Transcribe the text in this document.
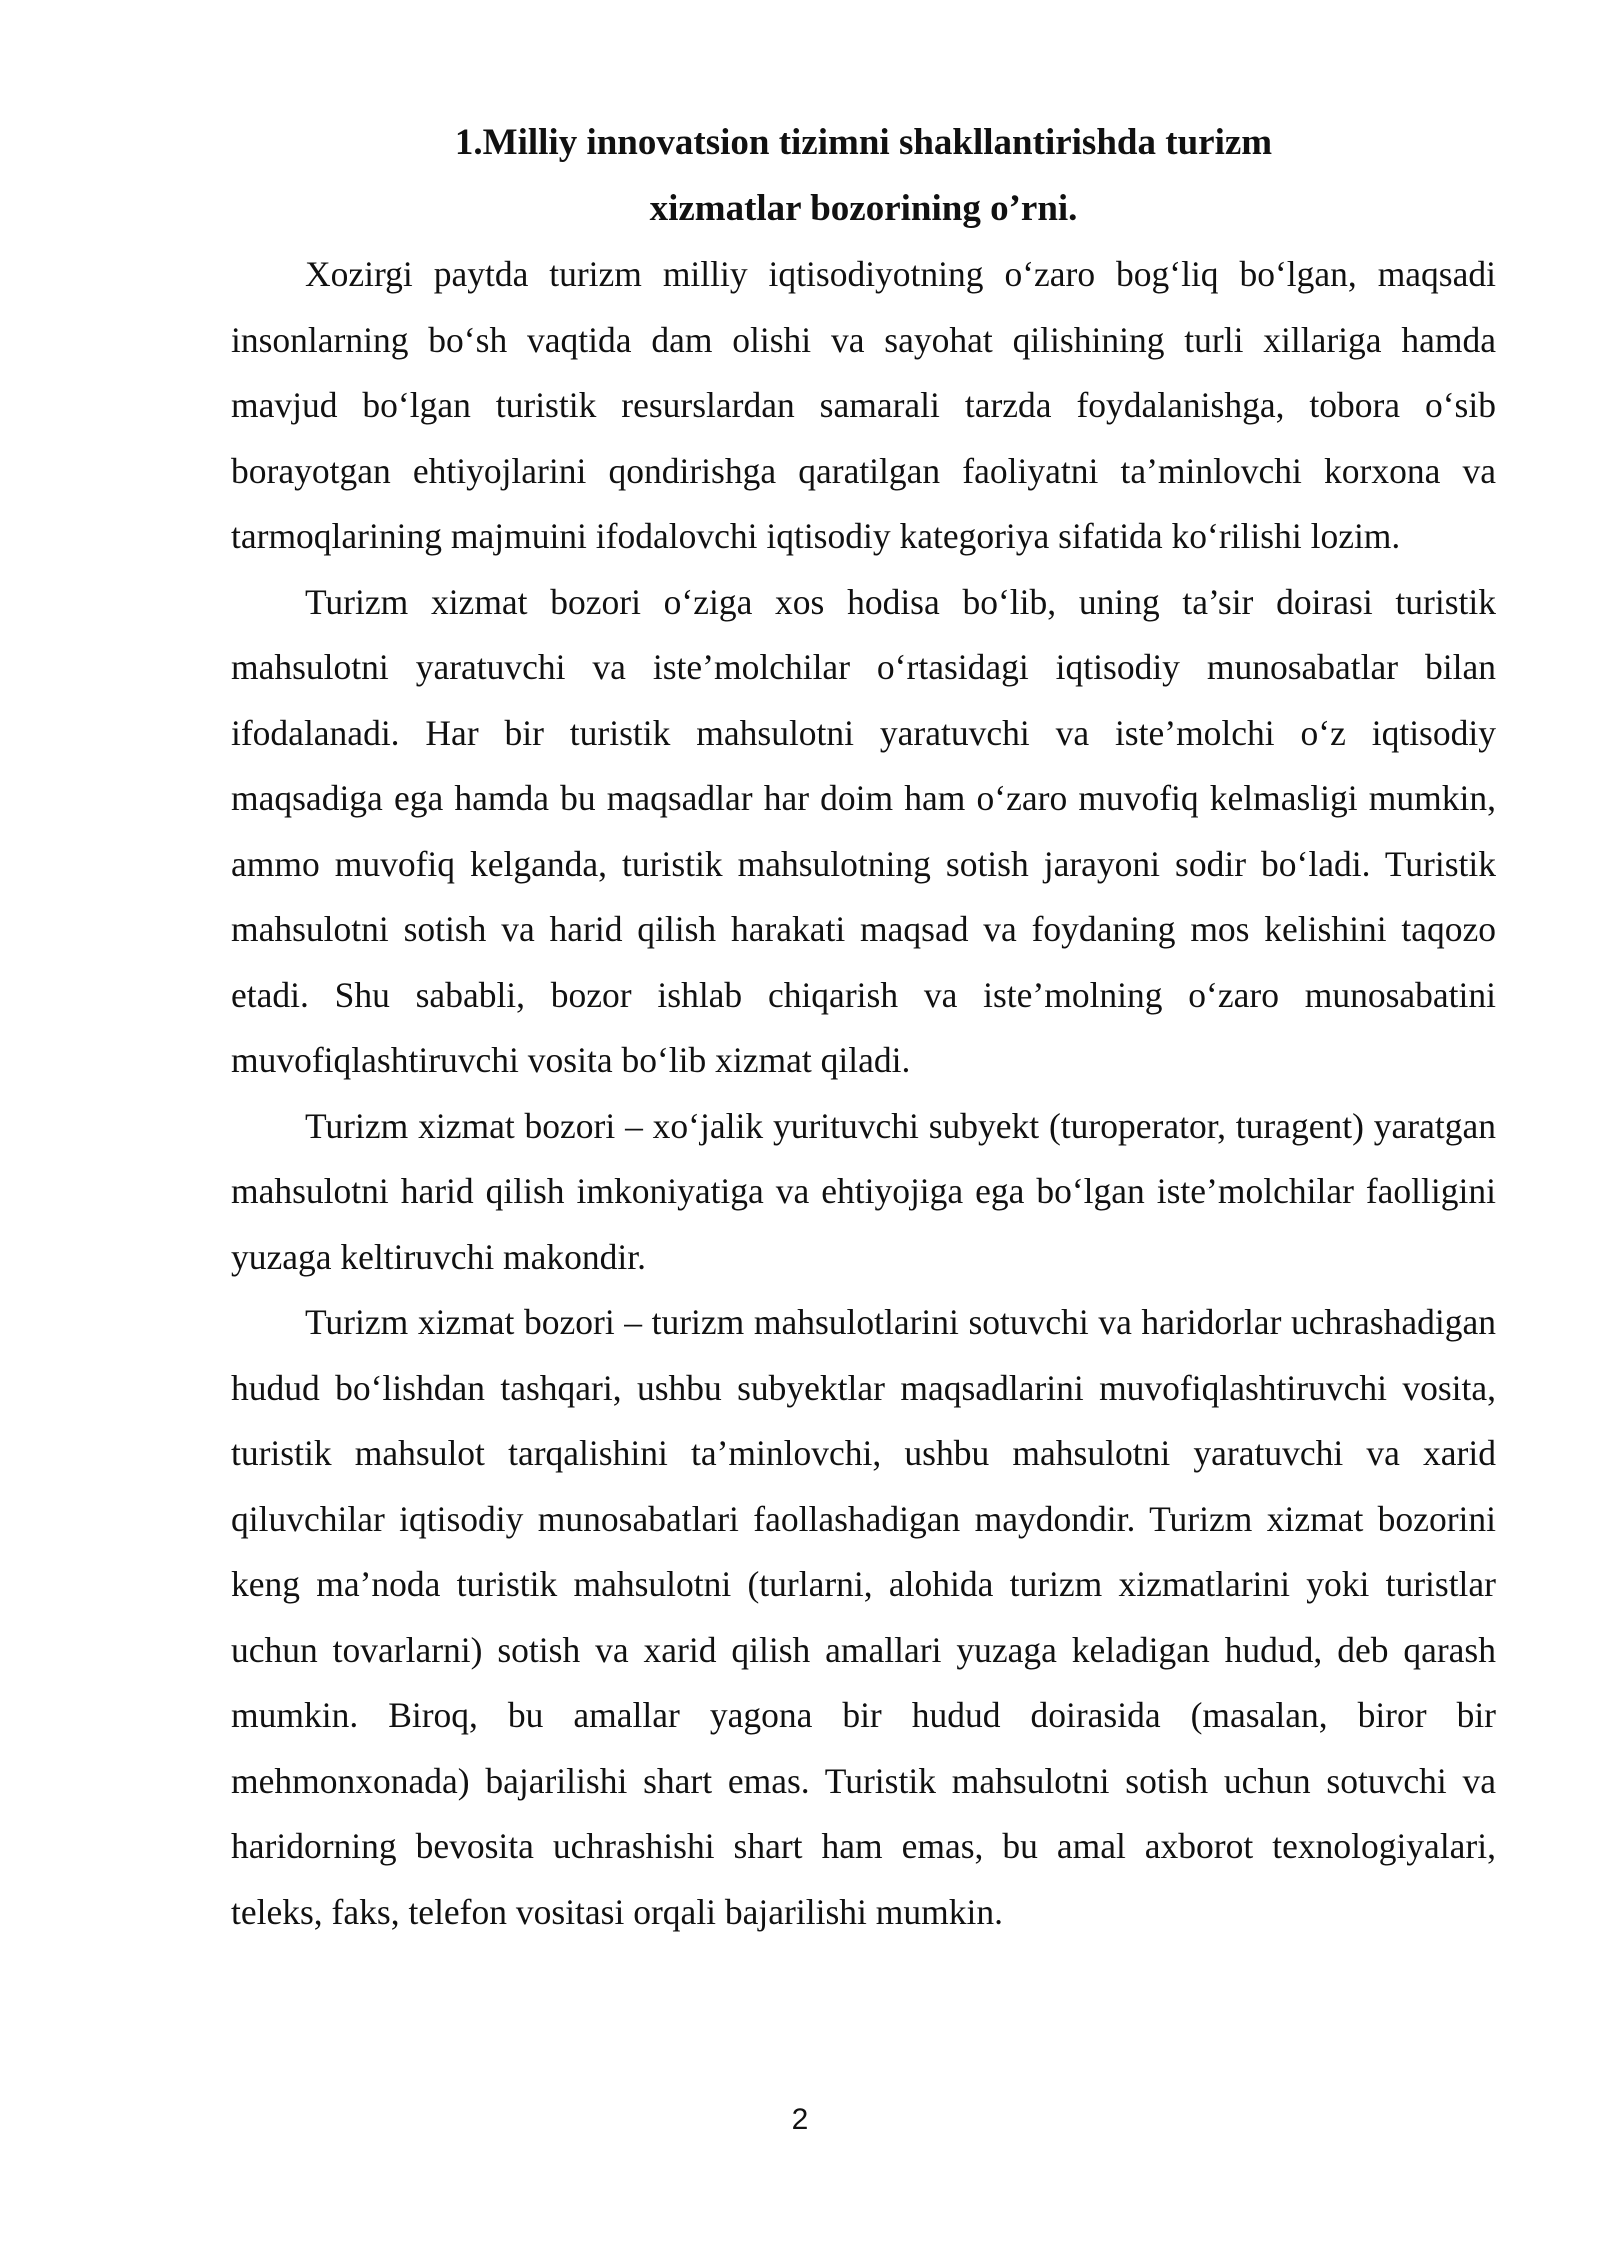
1.Milliy innovatsion tizimni shakllantirishda turizm
xizmatlar bozorining o’rni.

Xozirgi paytda turizm milliy iqtisodiyotning o‘zaro bog‘liq bo‘lgan, maqsadi insonlarning bo‘sh vaqtida dam olishi va sayohat qilishining turli xillariga hamda mavjud bo‘lgan turistik resurslardan samarali tarzda foydalanishga, tobora o‘sib borayotgan ehtiyojlarini qondirishga qaratilgan faoliyatni ta’minlovchi korxona va tarmoqlarining majmuini ifodalovchi iqtisodiy kategoriya sifatida ko‘rilishi lozim.

Turizm xizmat bozori o‘ziga xos hodisa bo‘lib, uning ta’sir doirasi turistik mahsulotni yaratuvchi va iste’molchilar o‘rtasidagi iqtisodiy munosabatlar bilan ifodalanadi. Har bir turistik mahsulotni yaratuvchi va iste’molchi o‘z iqtisodiy maqsadiga ega hamda bu maqsadlar har doim ham o‘zaro muvofiq kelmasligi mumkin, ammo muvofiq kelganda, turistik mahsulotning sotish jarayoni sodir bo‘ladi. Turistik mahsulotni sotish va harid qilish harakati maqsad va foydaning mos kelishini taqozo etadi. Shu sababli, bozor ishlab chiqarish va iste’molning o‘zaro munosabatini muvofiqlashtiruvchi vosita bo‘lib xizmat qiladi.

Turizm xizmat bozori – xo‘jalik yurituvchi subyekt (turoperator, turagent) yaratgan mahsulotni harid qilish imkoniyatiga va ehtiyojiga ega bo‘lgan iste’molchilar faolligini yuzaga keltiruvchi makondir.

Turizm xizmat bozori – turizm mahsulotlarini sotuvchi va haridorlar uchrashadigan hudud bo‘lishdan tashqari, ushbu subyektlar maqsadlarini muvofiqlashtiruvchi vosita, turistik mahsulot tarqalishini ta’minlovchi, ushbu mahsulotni yaratuvchi va xarid qiluvchilar iqtisodiy munosabatlari faollashadigan maydondir. Turizm xizmat bozorini keng ma’noda turistik mahsulotni (turlarni, alohida turizm xizmatlarini yoki turistlar uchun tovarlarni) sotish va xarid qilish amallari yuzaga keladigan hudud, deb qarash mumkin. Biroq, bu amallar yagona bir hudud doirasida (masalan, biror bir mehmonxonada) bajarilishi shart emas. Turistik mahsulotni sotish uchun sotuvchi va haridorning bevosita uchrashishi shart ham emas, bu amal axborot texnologiyalari, teleks, faks, telefon vositasi orqali bajarilishi mumkin.

2
